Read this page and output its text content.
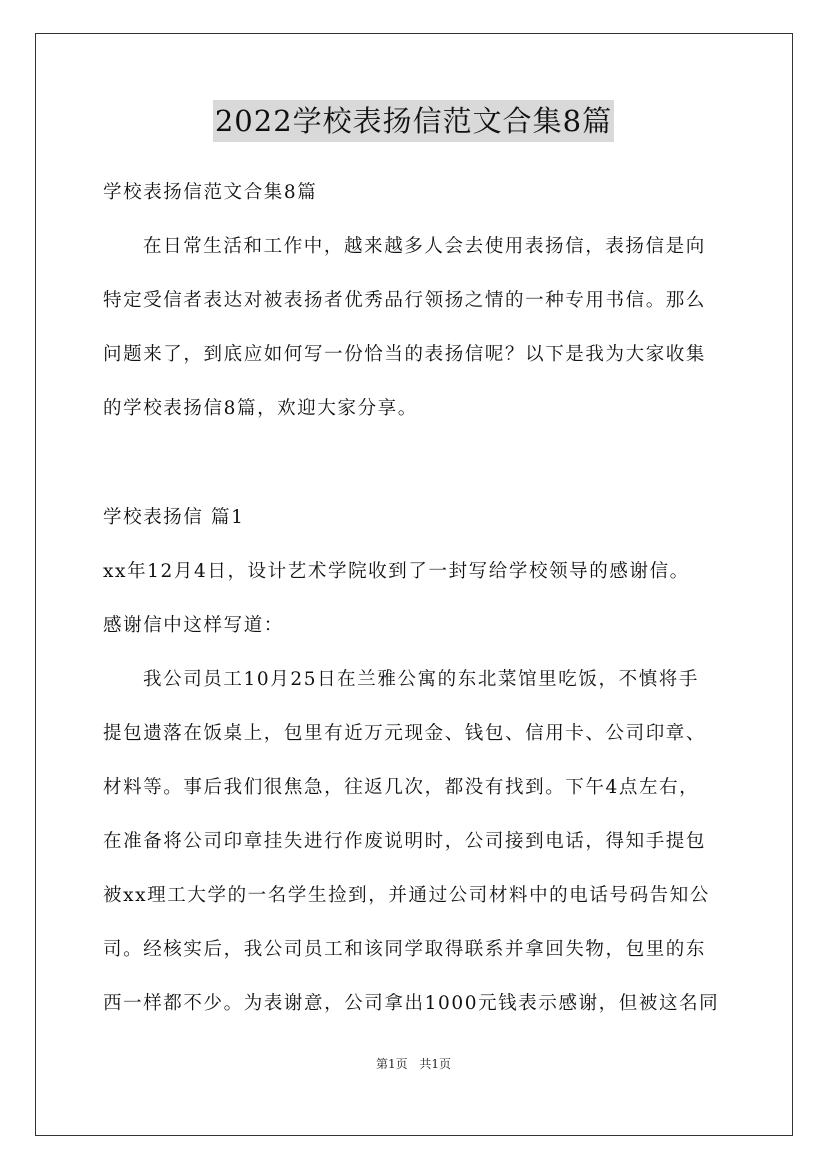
2022学校表扬信范文合集8篇
学校表扬信范文合集8篇
在日常生活和工作中，越来越多人会去使用表扬信，表扬信是向
特定受信者表达对被表扬者优秀品行领扬之情的一种专用书信。那么
问题来了，到底应如何写一份恰当的表扬信呢？以下是我为大家收集
的学校表扬信8篇，欢迎大家分享。
学校表扬信 篇1
xx年12月4日，设计艺术学院收到了一封写给学校领导的感谢信。
感谢信中这样写道：
我公司员工10月25日在兰雅公寓的东北菜馆里吃饭，不慎将手
提包遗落在饭桌上，包里有近万元现金、钱包、信用卡、公司印章、
材料等。事后我们很焦急，往返几次，都没有找到。下午4点左右，
在准备将公司印章挂失进行作废说明时，公司接到电话，得知手提包
被xx理工大学的一名学生捡到，并通过公司材料中的电话号码告知公
司。经核实后，我公司员工和该同学取得联系并拿回失物，包里的东
西一样都不少。为表谢意，公司拿出1000元钱表示感谢，但被这名同
第1页 共1页
